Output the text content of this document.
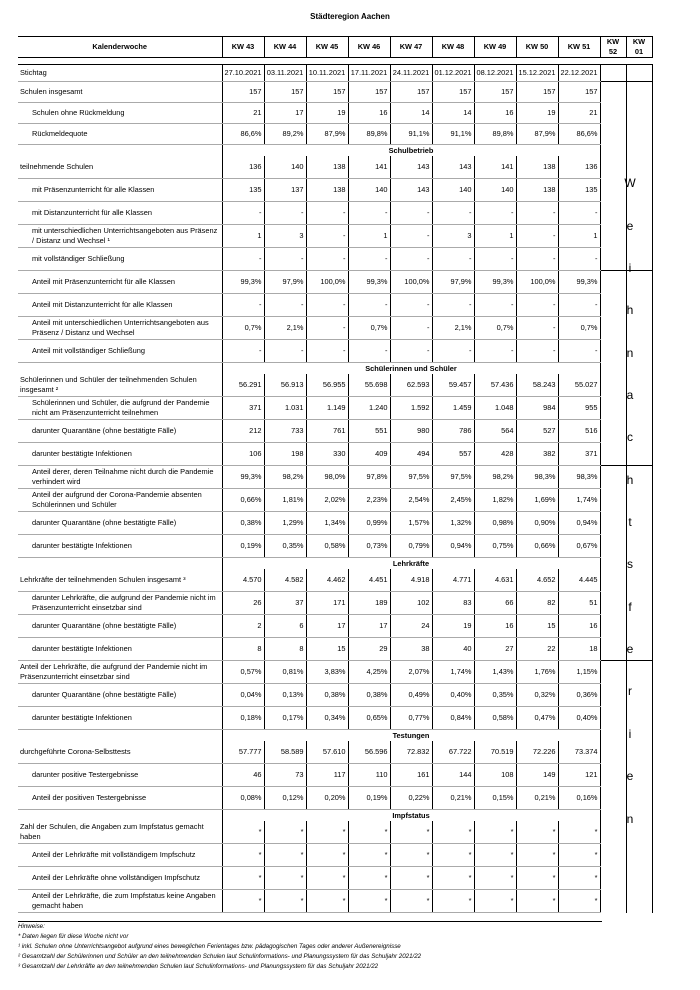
Städteregion Aachen
Kalenderwoche	KW 43	KW 44	KW 45	KW 46	KW 47	KW 48	KW 49	KW 50	KW 51	KW 52	KW 01

Stichtag	27.10.2021	03.11.2021	10.11.2021	17.11.2021	24.11.2021	01.12.2021	08.12.2021	15.12.2021	22.12.2021		
Schulen insgesamt	157	157	157	157	157	157	157	157	157		
Schulen ohne Rückmeldung	21	17	19	16	14	14	16	19	21		
Rückmeldequote	86,6%	89,2%	87,9%	89,8%	91,1%	91,1%	89,8%	87,9%	86,6%		
	Schulbetrieb										
teilnehmende Schulen	136	140	138	141	143	143	141	138	136		
mit Präsenzunterricht für alle Klassen	135	137	138	140	143	140	140	138	135		
mit Distanzunterricht für alle Klassen	-	-	-	-	-	-	-	-	-		
mit unterschiedlichen Unterrichtsangeboten aus Präsenz / Distanz und Wechsel ¹	1	3	-	1	-	3	1	-	1		
mit vollständiger Schließung	-	-	-	-	-	-	-	-	-		
Anteil mit Präsenzunterricht für alle Klassen	99,3%	97,9%	100,0%	99,3%	100,0%	97,9%	99,3%	100,0%	99,3%		
Anteil mit Distanzunterricht für alle Klassen	-	-	-	-	-	-	-	-	-		
Anteil mit unterschiedlichen Unterrichtsangeboten aus Präsenz / Distanz und Wechsel	0,7%	2,1%	-	0,7%	-	2,1%	0,7%	-	0,7%		
Anteil mit vollständiger Schließung	-	-	-	-	-	-	-	-	-		
	Schülerinnen und Schüler										
Schülerinnen und Schüler der teilnehmenden Schulen insgesamt ²	56.291	56.913	56.955	55.698	62.593	59.457	57.436	58.243	55.027		
Schülerinnen und Schüler, die aufgrund der Pandemie nicht am Präsenzunterricht teilnehmen	371	1.031	1.149	1.240	1.592	1.459	1.048	984	955		
darunter Quarantäne (ohne bestätigte Fälle)	212	733	761	551	980	786	564	527	516		
darunter bestätigte Infektionen	106	198	330	409	494	557	428	382	371		
Anteil derer, deren Teilnahme nicht durch die Pandemie verhindert wird	99,3%	98,2%	98,0%	97,8%	97,5%	97,5%	98,2%	98,3%	98,3%		
Anteil der aufgrund der Corona-Pandemie absenten Schülerinnen und Schüler	0,66%	1,81%	2,02%	2,23%	2,54%	2,45%	1,82%	1,69%	1,74%		
darunter Quarantäne (ohne bestätigte Fälle)	0,38%	1,29%	1,34%	0,99%	1,57%	1,32%	0,98%	0,90%	0,94%		
darunter bestätigte Infektionen	0,19%	0,35%	0,58%	0,73%	0,79%	0,94%	0,75%	0,66%	0,67%		
	Lehrkräfte										
Lehrkräfte der teilnehmenden Schulen insgesamt ³	4.570	4.582	4.462	4.451	4.918	4.771	4.631	4.652	4.445		
darunter Lehrkräfte, die aufgrund der Pandemie nicht im Präsenzunterricht einsetzbar sind	26	37	171	189	102	83	66	82	51		
darunter Quarantäne (ohne bestätigte Fälle)	2	6	17	17	24	19	16	15	16		
darunter bestätigte Infektionen	8	8	15	29	38	40	27	22	18		
Anteil der Lehrkräfte, die aufgrund der Pandemie nicht im Präsenzunterricht einsetzbar sind	0,57%	0,81%	3,83%	4,25%	2,07%	1,74%	1,43%	1,76%	1,15%		
darunter Quarantäne (ohne bestätigte Fälle)	0,04%	0,13%	0,38%	0,38%	0,49%	0,40%	0,35%	0,32%	0,36%		
darunter bestätigte Infektionen	0,18%	0,17%	0,34%	0,65%	0,77%	0,84%	0,58%	0,47%	0,40%		
	Testungen										
durchgeführte Corona-Selbsttests	57.777	58.589	57.610	56.596	72.832	67.722	70.519	72.226	73.374		
darunter positive Testergebnisse	46	73	117	110	161	144	108	149	121		
Anteil der positiven Testergebnisse	0,08%	0,12%	0,20%	0,19%	0,22%	0,21%	0,15%	0,21%	0,16%		
	Impfstatus										
Zahl der Schulen, die Angaben zum Impfstatus gemacht haben	*	*	*	*	*	*	*	*	*		
Anteil der Lehrkräfte mit vollständigem Impfschutz	*	*	*	*	*	*	*	*	*		
Anteil der Lehrkräfte ohne vollständigen Impfschutz	*	*	*	*	*	*	*	*	*		
Anteil der Lehrkräfte, die zum Impfstatus keine Angaben gemacht haben	*	*	*	*	*	*	*	*	*		
W
e
i
h
n
a
c
h
t
s
f
e
r
i
e
n
Hinweise:
* Daten liegen für diese Woche nicht vor
¹ inkl. Schulen ohne Unterrichtsangebot aufgrund eines beweglichen Ferientages bzw. pädagogischen Tages oder anderer Außenereignisse
² Gesamtzahl der Schülerinnen und Schüler an den teilnehmenden Schulen laut Schulinformations- und Planungssystem für das Schuljahr 2021/22
³ Gesamtzahl der Lehrkräfte an den teilnehmenden Schulen laut Schulinformations- und Planungssystem für das Schuljahr 2021/22
